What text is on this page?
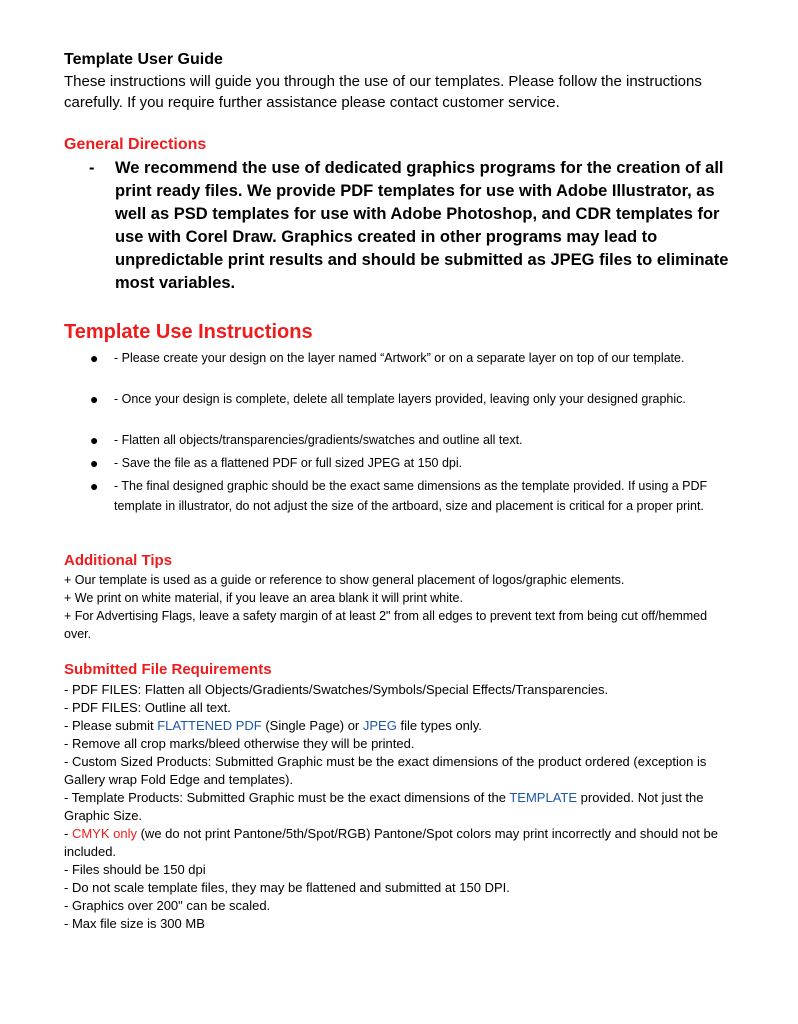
Template User Guide
These instructions will guide you through the use of our templates. Please follow the instructions carefully. If you require further assistance please contact customer service.
General Directions
- We recommend the use of dedicated graphics programs for the creation of all print ready files. We provide PDF templates for use with Adobe Illustrator, as well as PSD templates for use with Adobe Photoshop, and CDR templates for use with Corel Draw. Graphics created in other programs may lead to unpredictable print results and should be submitted as JPEG files to eliminate most variables.
Template Use Instructions
● - Please create your design on the layer named “Artwork” or on a separate layer on top of our template.
● - Once your design is complete, delete all template layers provided, leaving only your designed graphic.
● - Flatten all objects/transparencies/gradients/swatches and outline all text.
● - Save the file as a flattened PDF or full sized JPEG at 150 dpi.
● - The final designed graphic should be the exact same dimensions as the template provided. If using a PDF template in illustrator, do not adjust the size of the artboard, size and placement is critical for a proper print.
Additional Tips
+ Our template is used as a guide or reference to show general placement of logos/graphic elements.
+ We print on white material, if you leave an area blank it will print white.
+ For Advertising Flags, leave a safety margin of at least 2" from all edges to prevent text from being cut off/hemmed over.
Submitted File Requirements
- PDF FILES: Flatten all Objects/Gradients/Swatches/Symbols/Special Effects/Transparencies.
- PDF FILES: Outline all text.
- Please submit FLATTENED PDF (Single Page) or JPEG file types only.
- Remove all crop marks/bleed otherwise they will be printed.
- Custom Sized Products: Submitted Graphic must be the exact dimensions of the product ordered (exception is Gallery wrap Fold Edge and templates).
- Template Products: Submitted Graphic must be the exact dimensions of the TEMPLATE provided. Not just the Graphic Size.
- CMYK only (we do not print Pantone/5th/Spot/RGB) Pantone/Spot colors may print incorrectly and should not be included.
- Files should be 150 dpi
- Do not scale template files, they may be flattened and submitted at 150 DPI.
- Graphics over 200" can be scaled.
- Max file size is 300 MB
